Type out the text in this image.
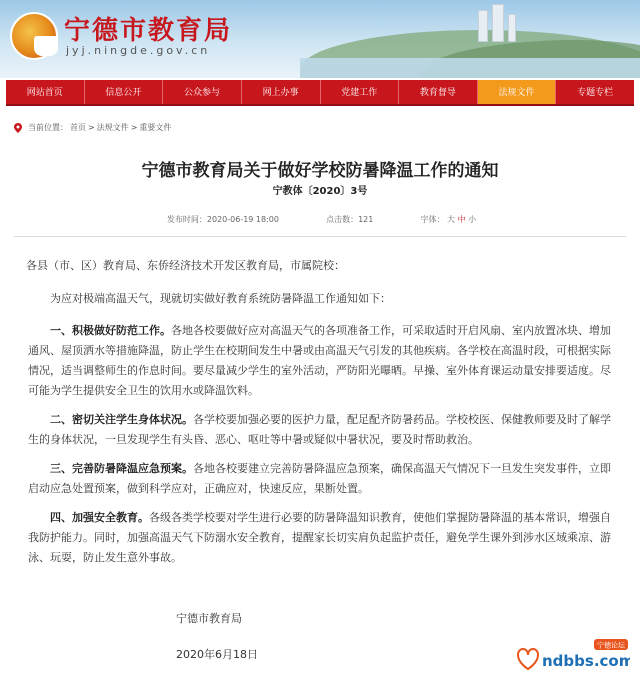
宁德市教育局
jyj.ningde.gov.cn
网站首页	信息公开	公众参与	网上办事	党建工作	教育督导	法规文件	专题专栏
当前位置： 首页 > 法规文件 > 重要文件
宁德市教育局关于做好学校防暑降温工作的通知
宁教体〔2020〕3号
发布时间：2020-06-19 18:00	点击数：121	字体： 大 中 小

各县（市、区）教育局、东侨经济技术开发区教育局，市属院校：

为应对极端高温天气，现就切实做好教育系统防暑降温工作通知如下：

一、积极做好防范工作。各地各校要做好应对高温天气的各项准备工作，可采取适时开启风扇、室内放置冰块、增加通风、屋顶洒水等措施降温，防止学生在校期间发生中暑或由高温天气引发的其他疾病。各学校在高温时段，可根据实际情况，适当调整师生的作息时间。要尽量减少学生的室外活动，严防阳光曝晒。早操、室外体育课运动量安排要适度。尽可能为学生提供安全卫生的饮用水或降温饮料。

二、密切关注学生身体状况。各学校要加强必要的医护力量，配足配齐防暑药品。学校校医、保健教师要及时了解学生的身体状况，一旦发现学生有头昏、恶心、呕吐等中暑或疑似中暑状况，要及时帮助救治。

三、完善防暑降温应急预案。各地各校要建立完善防暑降温应急预案，确保高温天气情况下一旦发生突发事件，立即启动应急处置预案，做到科学应对，正确应对，快速反应，果断处置。

四、加强安全教育。各级各类学校要对学生进行必要的防暑降温知识教育，使他们掌握防暑降温的基本常识，增强自我防护能力。同时，加强高温天气下防溺水安全教育，提醒家长切实肩负起监护责任，避免学生课外到涉水区域乘凉、游泳、玩耍，防止发生意外事故。

宁德市教育局
2020年6月18日
宁德论坛
ndbbs.com
